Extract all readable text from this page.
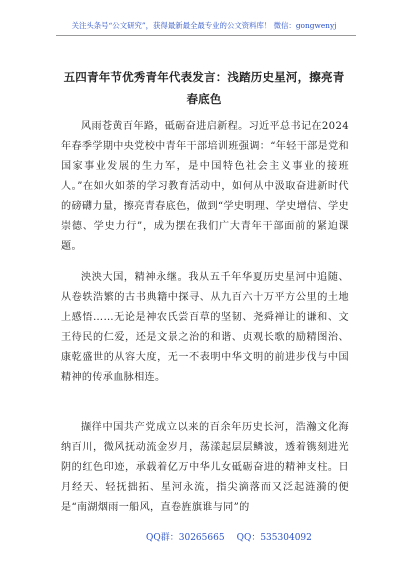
关注头条号“公文研究”，获得最新最全最专业的公文资料库！ 微信：gongwenyj
五四青年节优秀青年代表发言：浅踏历史星河，擦亮青春底色

风雨苍黄百年路，砥砺奋进启新程。习近平总书记在2024年春季学期中央党校中青年干部培训班强调：“年轻干部是党和国家事业发展的生力军，是中国特色社会主义事业的接班人。”在如火如荼的学习教育活动中，如何从中汲取奋进新时代的磅礴力量，擦亮青春底色，做到“学史明理、学史增信、学史崇德、学史力行”，成为摆在我们广大青年干部面前的紧迫课题。

泱泱大国，精神永继。我从五千年华夏历史星河中追随、从卷轶浩繁的古书典籍中探寻、从九百六十万平方公里的土地上感悟……无论是神农氏尝百草的坚韧、尧舜禅让的谦和、文王待民的仁爱，还是文景之治的和谐、贞观长歌的励精图治、康乾盛世的从容大度，无一不表明中华文明的前进步伐与中国精神的传承血脉相连。

撷徉中国共产党成立以来的百余年历史长河，浩瀚文化海纳百川，微风抚动流金岁月，荡漾起层层鳞波，透着镌刻进光阴的红色印迹，承载着亿万中华儿女砥砺奋进的精神支柱。日月经天、轻抚拙拓、星河永流，指尖滴落而又泛起涟漪的便是“南湖烟雨一船风，直卷旌旗谁与同”的

QQ群：30265665 QQ：535304092
